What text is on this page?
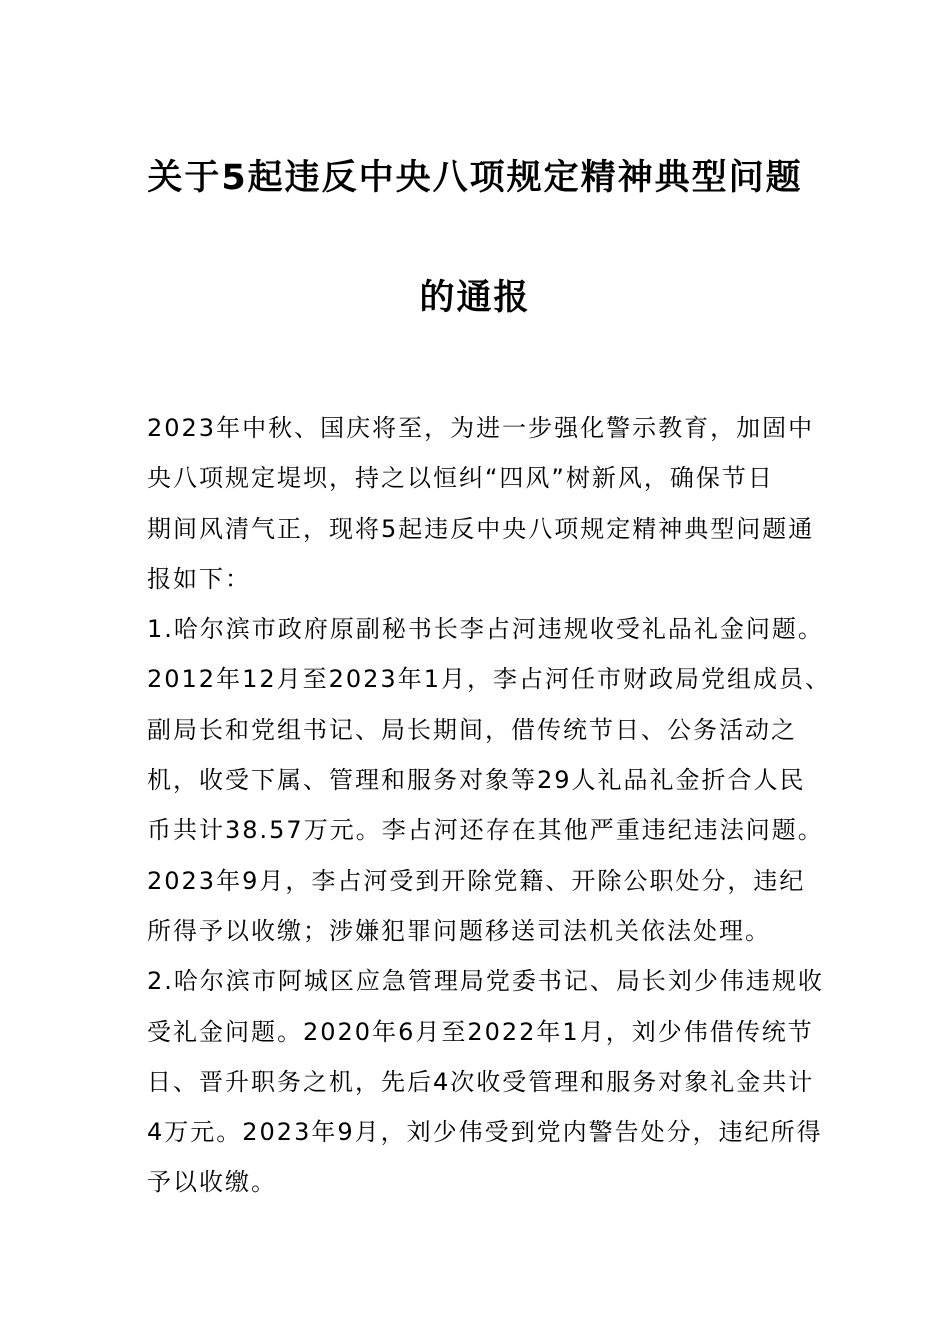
关于5起违反中央八项规定精神典型问题
的通报
2023年中秋、国庆将至，为进一步强化警示教育，加固中
央八项规定堤坝，持之以恒纠“四风”树新风，确保节日
期间风清气正，现将5起违反中央八项规定精神典型问题通
报如下：
1.哈尔滨市政府原副秘书长李占河违规收受礼品礼金问题。
2012年12月至2023年1月，李占河任市财政局党组成员、
副局长和党组书记、局长期间，借传统节日、公务活动之
机，收受下属、管理和服务对象等29人礼品礼金折合人民
币共计38.57万元。李占河还存在其他严重违纪违法问题。
2023年9月，李占河受到开除党籍、开除公职处分，违纪
所得予以收缴；涉嫌犯罪问题移送司法机关依法处理。
2.哈尔滨市阿城区应急管理局党委书记、局长刘少伟违规收
受礼金问题。2020年6月至2022年1月，刘少伟借传统节
日、晋升职务之机，先后4次收受管理和服务对象礼金共计
4万元。2023年9月，刘少伟受到党内警告处分，违纪所得
予以收缴。
